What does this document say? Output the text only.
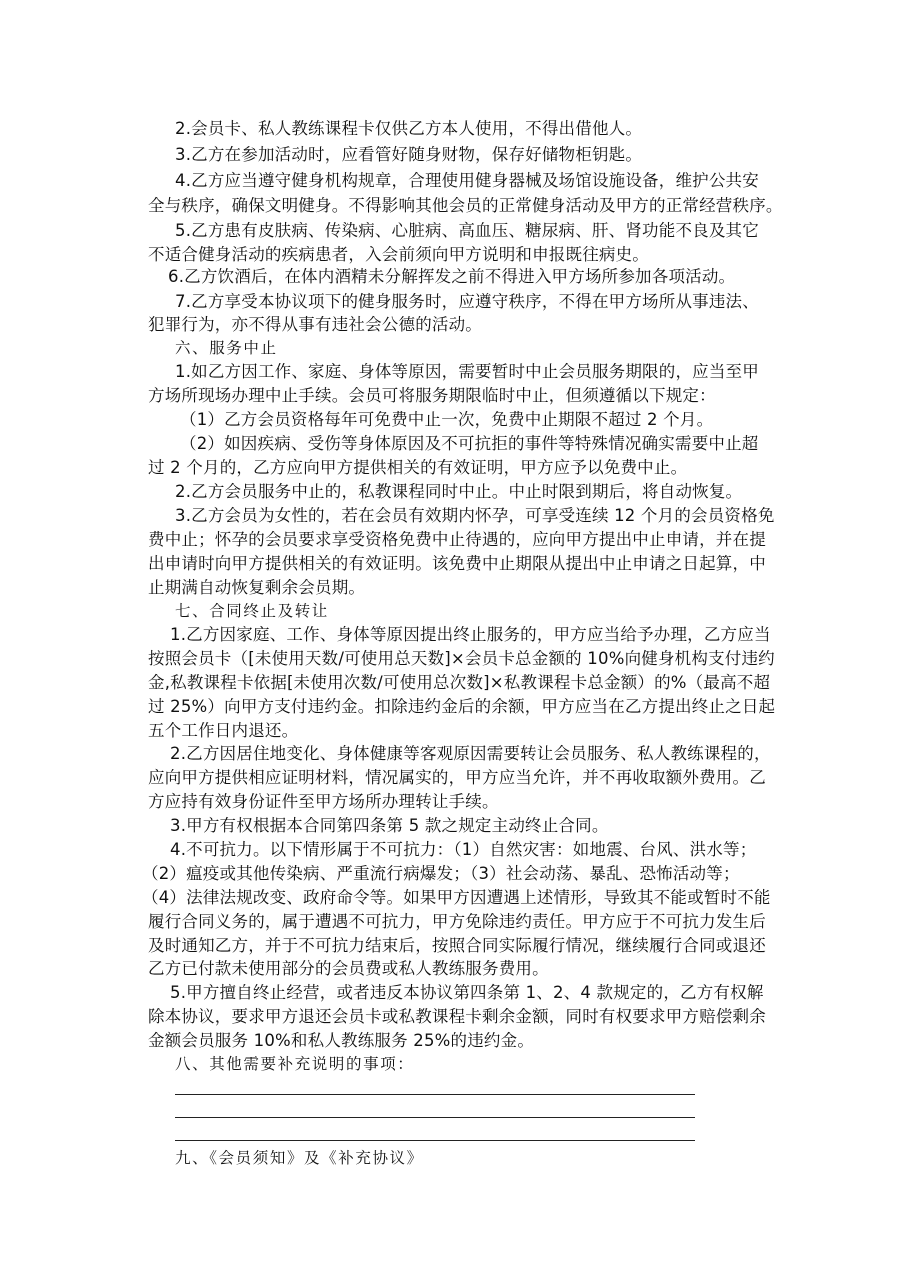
2.会员卡、私人教练课程卡仅供乙方本人使用，不得出借他人。
3.乙方在参加活动时，应看管好随身财物，保存好储物柜钥匙。
4.乙方应当遵守健身机构规章，合理使用健身器械及场馆设施设备，维护公共安
全与秩序，确保文明健身。不得影响其他会员的正常健身活动及甲方的正常经营秩序。
5.乙方患有皮肤病、传染病、心脏病、高血压、糖尿病、肝、肾功能不良及其它
不适合健身活动的疾病患者，入会前须向甲方说明和申报既往病史。
6.乙方饮酒后，在体内酒精未分解挥发之前不得进入甲方场所参加各项活动。
7.乙方享受本协议项下的健身服务时，应遵守秩序，不得在甲方场所从事违法、
犯罪行为，亦不得从事有违社会公德的活动。
六、服务中止
1.如乙方因工作、家庭、身体等原因，需要暂时中止会员服务期限的，应当至甲
方场所现场办理中止手续。会员可将服务期限临时中止，但须遵循以下规定：
（1）乙方会员资格每年可免费中止一次，免费中止期限不超过 2 个月。
（2）如因疾病、受伤等身体原因及不可抗拒的事件等特殊情况确实需要中止超
过 2 个月的，乙方应向甲方提供相关的有效证明，甲方应予以免费中止。
2.乙方会员服务中止的，私教课程同时中止。中止时限到期后，将自动恢复。
3.乙方会员为女性的，若在会员有效期内怀孕，可享受连续 12 个月的会员资格免
费中止；怀孕的会员要求享受资格免费中止待遇的，应向甲方提出中止申请，并在提
出申请时向甲方提供相关的有效证明。该免费中止期限从提出中止申请之日起算，中
止期满自动恢复剩余会员期。
七、合同终止及转让
1.乙方因家庭、工作、身体等原因提出终止服务的，甲方应当给予办理，乙方应当
按照会员卡（[未使用天数/可使用总天数]×会员卡总金额的 10%向健身机构支付违约
金,私教课程卡依据[未使用次数/可使用总次数]×私教课程卡总金额）的%（最高不超
过 25%）向甲方支付违约金。扣除违约金后的余额，甲方应当在乙方提出终止之日起
五个工作日内退还。
2.乙方因居住地变化、身体健康等客观原因需要转让会员服务、私人教练课程的，
应向甲方提供相应证明材料，情况属实的，甲方应当允许，并不再收取额外费用。乙
方应持有效身份证件至甲方场所办理转让手续。
3.甲方有权根据本合同第四条第 5 款之规定主动终止合同。
4.不可抗力。以下情形属于不可抗力：（1）自然灾害：如地震、台风、洪水等；
（2）瘟疫或其他传染病、严重流行病爆发；（3）社会动荡、暴乱、恐怖活动等；
（4）法律法规改变、政府命令等。如果甲方因遭遇上述情形，导致其不能或暂时不能
履行合同义务的，属于遭遇不可抗力，甲方免除违约责任。甲方应于不可抗力发生后
及时通知乙方，并于不可抗力结束后，按照合同实际履行情况，继续履行合同或退还
乙方已付款未使用部分的会员费或私人教练服务费用。
5.甲方擅自终止经营，或者违反本协议第四条第 1、2、4 款规定的，乙方有权解
除本协议，要求甲方退还会员卡或私教课程卡剩余金额，同时有权要求甲方赔偿剩余
金额会员服务 10%和私人教练服务 25%的违约金。
八、其他需要补充说明的事项：
九、《会员须知》及《补充协议》
